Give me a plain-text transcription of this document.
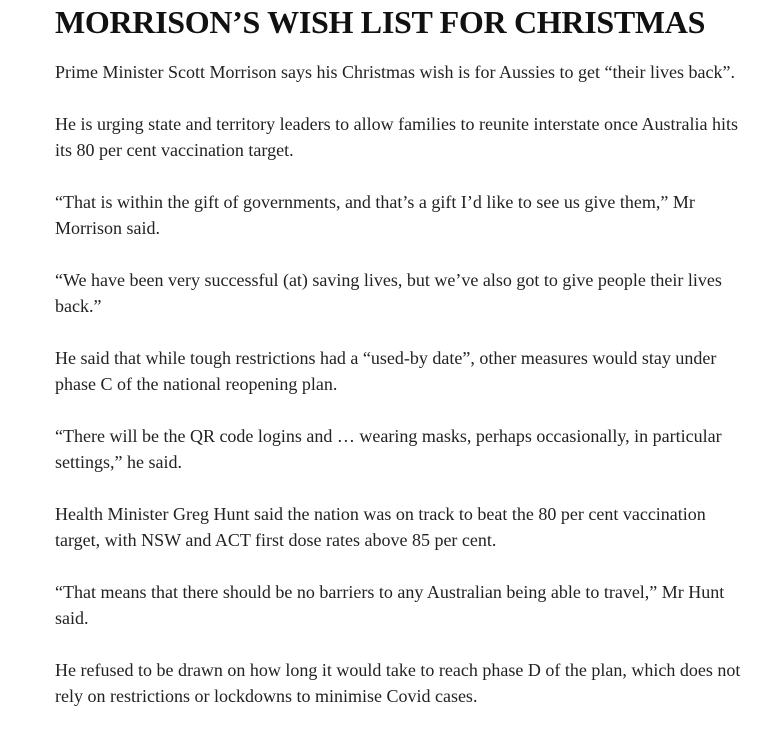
MORRISON’S WISH LIST FOR CHRISTMAS

Prime Minister Scott Morrison says his Christmas wish is for Aussies to get “their lives back”.

He is urging state and territory leaders to allow families to reunite interstate once Australia hits its 80 per cent vaccination target.

“That is within the gift of governments, and that’s a gift I’d like to see us give them,” Mr Morrison said.

“We have been very successful (at) saving lives, but we’ve also got to give people their lives back.”

He said that while tough restrictions had a “used-by date”, other measures would stay under phase C of the national reopening plan.

“There will be the QR code logins and … wearing masks, perhaps occasionally, in particular settings,” he said.

Health Minister Greg Hunt said the nation was on track to beat the 80 per cent vaccination target, with NSW and ACT first dose rates above 85 per cent.

“That means that there should be no barriers to any Australian being able to travel,” Mr Hunt said.

He refused to be drawn on how long it would take to reach phase D of the plan, which does not rely on restrictions or lockdowns to minimise Covid cases.
